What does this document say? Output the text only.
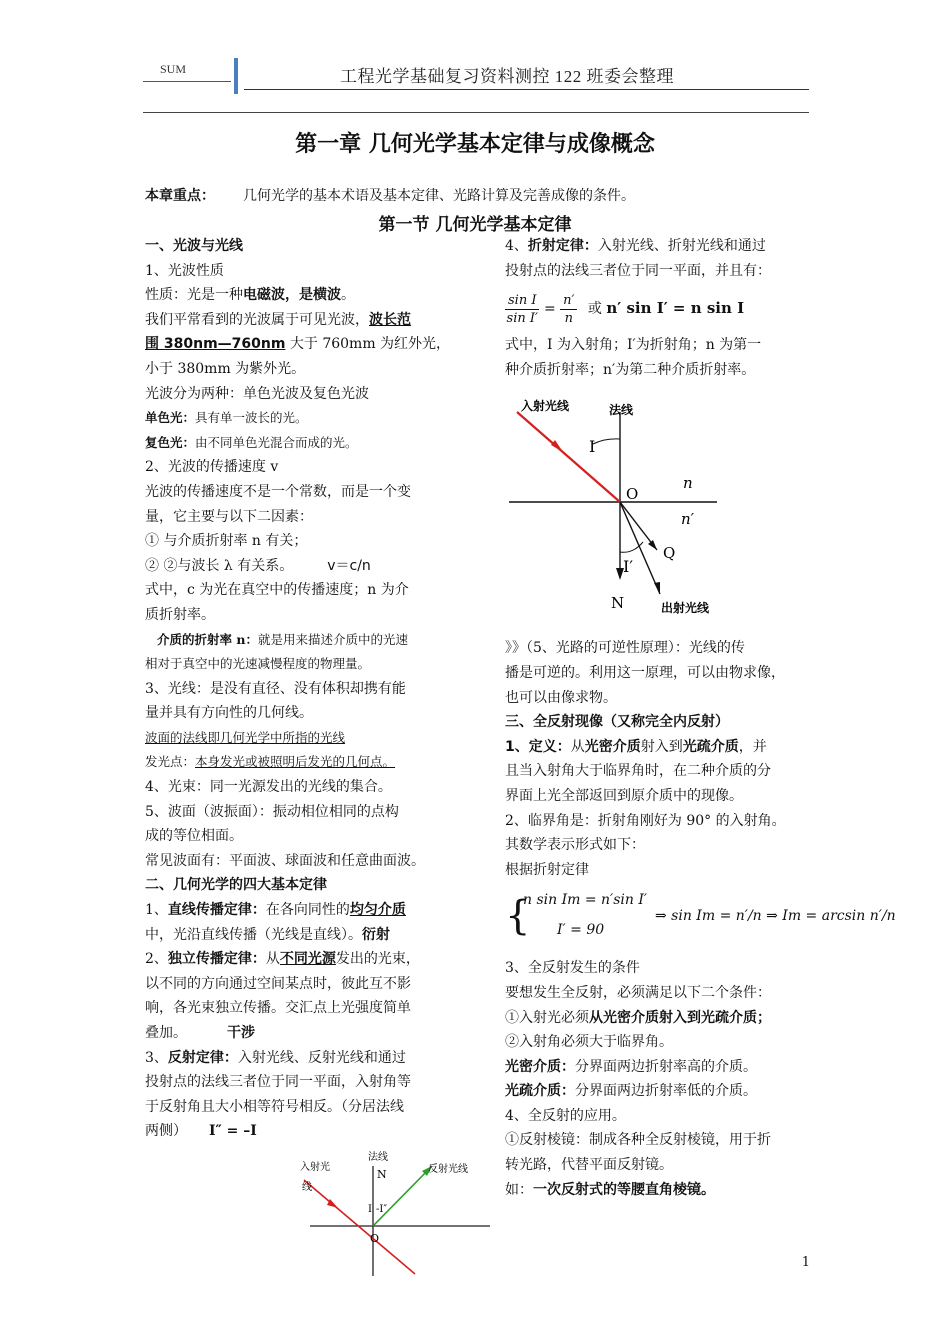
SUM	工程光学基础复习资料测控 122 班委会整理
第一章 几何光学基本定律与成像概念
本章重点： 几何光学的基本术语及基本定律、光路计算及完善成像的条件。
第一节 几何光学基本定律

一、光波与光线

1、光波性质

性质：光是一种电磁波，是横波。

我们平常看到的光波属于可见光波，波长范

围 380nm—760nm 大于 760mm 为红外光，

小于 380mm 为紫外光。

光波分为两种：单色光波及复色光波

单色光：具有单一波长的光。

复色光：由不同单色光混合而成的光。

2、光波的传播速度 v

光波的传播速度不是一个常数，而是一个变

量，它主要与以下二因素：

① 与介质折射率 n 有关；

② ②与波长 λ 有关系。 v＝c/n

式中，c 为光在真空中的传播速度；n 为介

质折射率。

介质的折射率 n：就是用来描述介质中的光速

相对于真空中的光速减慢程度的物理量。

3、光线：是没有直径、没有体积却携有能

量并具有方向性的几何线。

波面的法线即几何光学中所指的光线

发光点：本身发光或被照明后发光的几何点。

4、光束：同一光源发出的光线的集合。

5、波面（波振面）：振动相位相同的点构

成的等位相面。

常见波面有：平面波、球面波和任意曲面波。

二、几何光学的四大基本定律

1、直线传播定律：在各向同性的均匀介质

中，光沿直线传播（光线是直线）。衍射

2、独立传播定律：从不同光源发出的光束，

以不同的方向通过空间某点时，彼此互不影

响，各光束独立传播。交汇点上光强度简单

叠加。	干涉

3、反射定律：入射光线、反射光线和通过

投射点的法线三者位于同一平面，入射角等

于反射角且大小相等符号相反。（分居法线

两侧） I″ = –I

入射光
线
法线
N	反射光线
I -I″
O

4、折射定律：入射光线、折射光线和通过

投射点的法线三者位于同一平面，并且有：

$\frac{\text{sin I}}{\text{sin I′}} = \frac{n'}{n}$ 或 n′ sin I′ = n sin I

式中，I 为入射角；I′为折射角；n 为第一

种介质折射率；n′为第二种介质折射率。

》》（5、光路的可逆性原理）：光线的传

播是可逆的。利用这一原理，可以由物求像，

也可以由像求物。

三、全反射现像（又称完全内反射）

1、定义：从光密介质射入到光疏介质，并

且当入射角大于临界角时，在二种介质的分

界面上光全部返回到原介质中的现像。

2、临界角是：折射角刚好为 90° 的入射角。

其数学表示形式如下：

根据折射定律

{
n sin Im = n′sin I′
I′ = 90
⇒ sin Im = n′/n ⇒ Im = arcsin n′/n

3、全反射发生的条件

要想发生全反射，必须满足以下二个条件：

①入射光必须从光密介质射入到光疏介质；

②入射角必须大于临界角。

光密介质：分界面两边折射率高的介质。

光疏介质：分界面两边折射率低的介质。

4、全反射的应用。

①反射棱镜：制成各种全反射棱镜，用于折

转光路，代替平面反射镜。

如：一次反射式的等腰直角棱镜。

入射光线	法线
I
O
n
n′
Q
I′
N	出射光线
1
